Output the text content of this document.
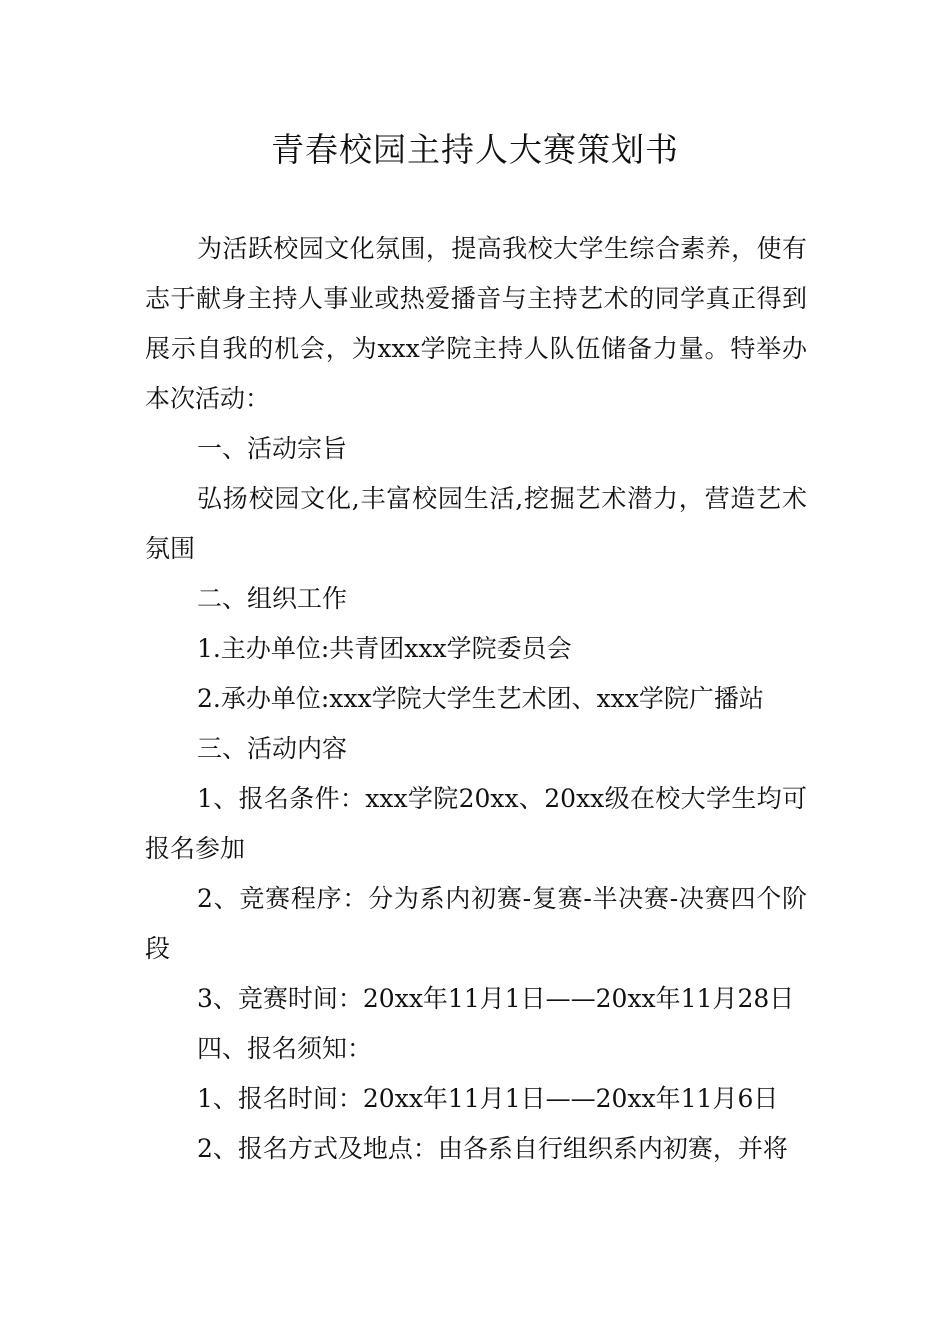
青春校园主持人大赛策划书

为活跃校园文化氛围，提高我校大学生综合素养，使有志于献身主持人事业或热爱播音与主持艺术的同学真正得到展示自我的机会，为xxx学院主持人队伍储备力量。特举办本次活动：

一、活动宗旨

弘扬校园文化,丰富校园生活,挖掘艺术潜力，营造艺术氛围

二、组织工作

1.主办单位:共青团xxx学院委员会

2.承办单位:xxx学院大学生艺术团、xxx学院广播站

三、活动内容

1、报名条件：xxx学院20xx、20xx级在校大学生均可报名参加

2、竞赛程序：分为系内初赛-复赛-半决赛-决赛四个阶段

3、竞赛时间：20xx年11月1日——20xx年11月28日

四、报名须知：

1、报名时间：20xx年11月1日——20xx年11月6日

2、报名方式及地点：由各系自行组织系内初赛，并将
